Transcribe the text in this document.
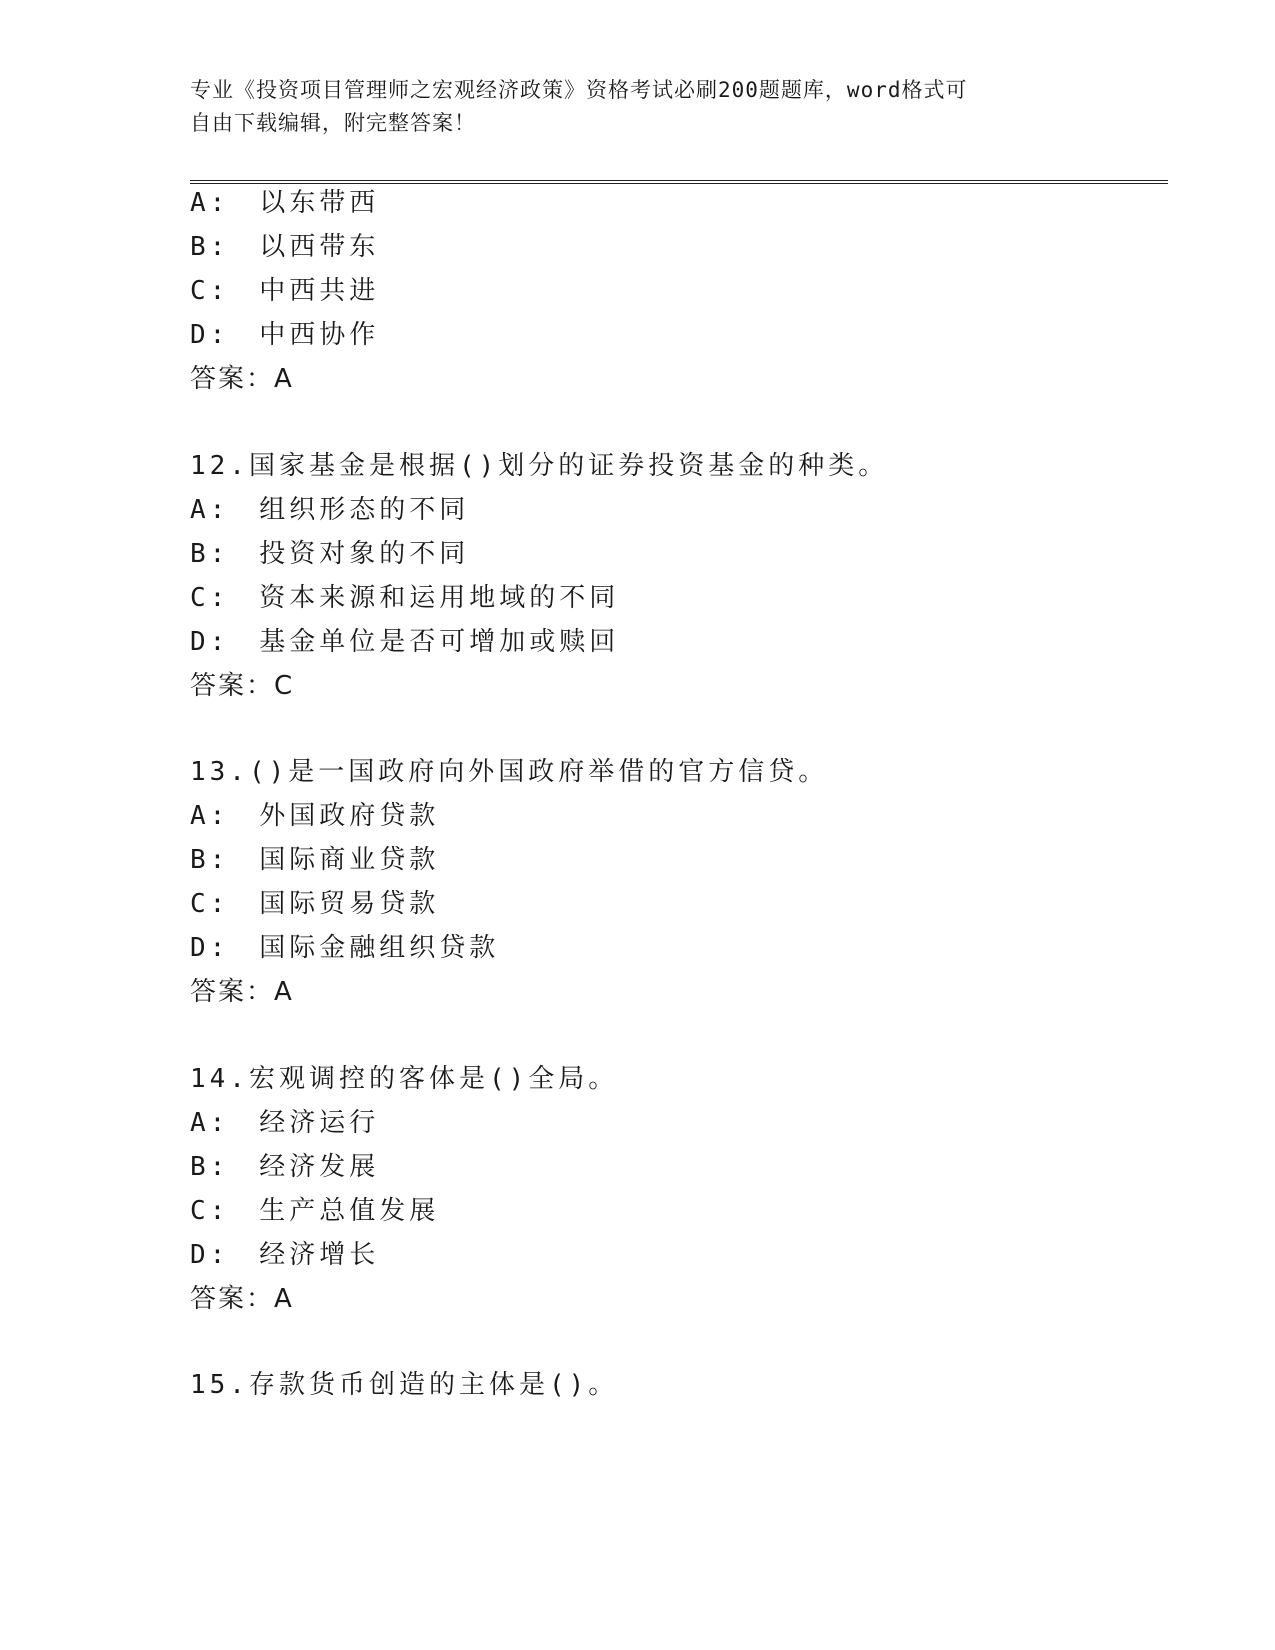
专业《投资项目管理师之宏观经济政策》资格考试必刷200题题库，word格式可

自由下载编辑，附完整答案！

A:　以东带西

B:　以西带东

C:　中西共进

D:　中西协作

答案：A

12.国家基金是根据()划分的证券投资基金的种类。

A:　组织形态的不同

B:　投资对象的不同

C:　资本来源和运用地域的不同

D:　基金单位是否可增加或赎回

答案：C

13.()是一国政府向外国政府举借的官方信贷。

A:　外国政府贷款

B:　国际商业贷款

C:　国际贸易贷款

D:　国际金融组织贷款

答案：A

14.宏观调控的客体是()全局。

A:　经济运行

B:　经济发展

C:　生产总值发展

D:　经济增长

答案：A

15.存款货币创造的主体是()。
